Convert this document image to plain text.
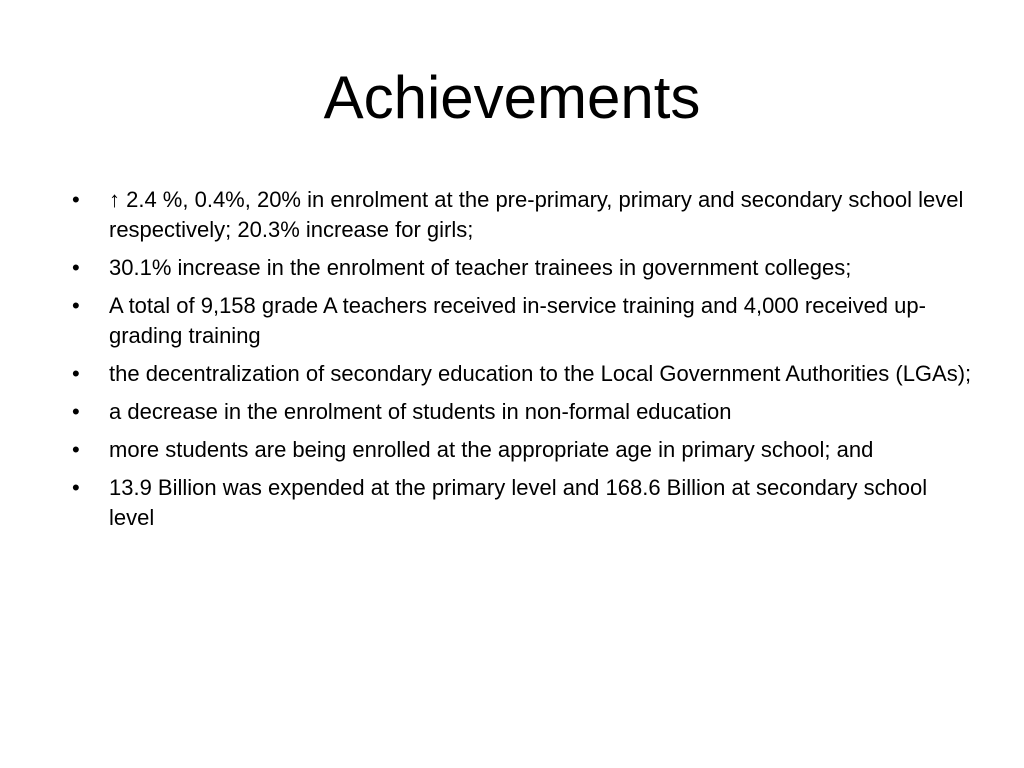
Achievements
•	↑ 2.4 %, 0.4%, 20% in enrolment at the pre-primary, primary and secondary school level respectively; 20.3% increase for girls;
•	30.1% increase in the enrolment of teacher trainees in government colleges;
•	A total of 9,158 grade A teachers received in-service training and 4,000 received up-grading training
•	the decentralization of secondary education to the Local Government Authorities (LGAs);
•	a decrease in the enrolment of students in non-formal education
•	more students are being enrolled at the appropriate age in primary school; and
•	13.9 Billion was expended at the primary level and 168.6 Billion at secondary school level
